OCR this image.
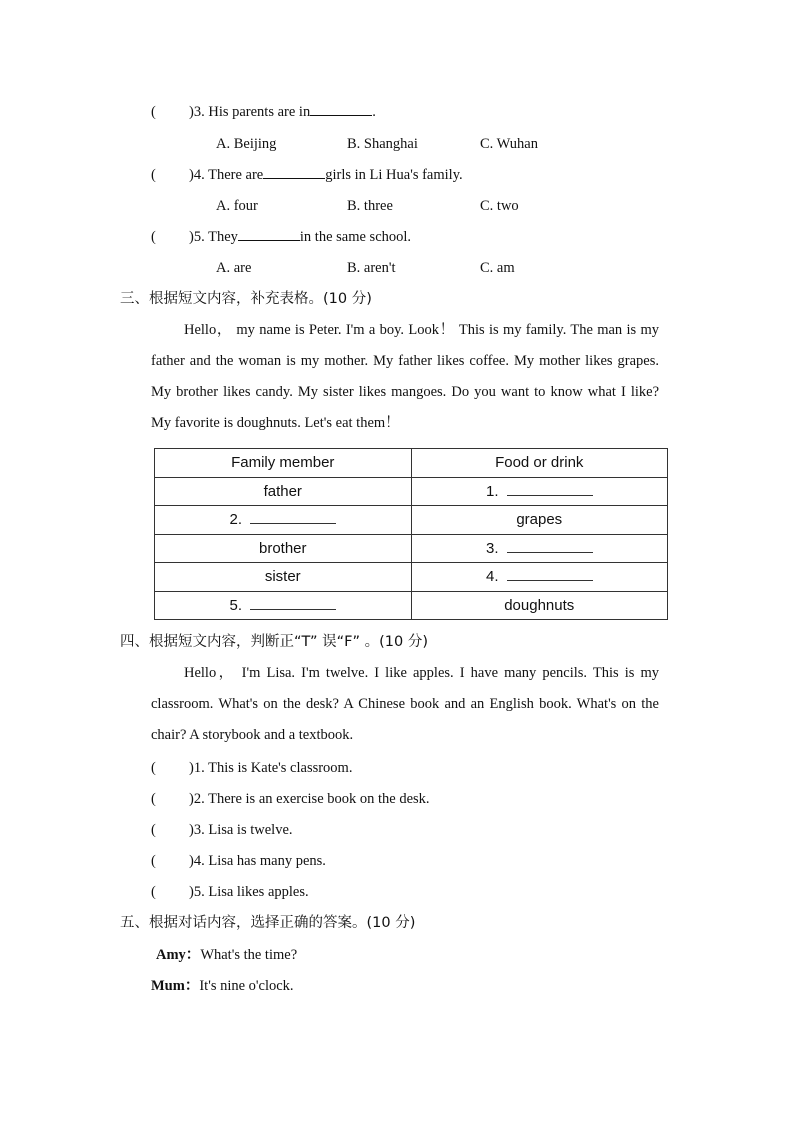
( )3. His parents are in	.
A. Beijing	B. Shanghai	C. Wuhan
( )4. There are	girls in Li Hua's family.
A. four	B. three	C. two
( )5. They	in the same school.
A. are	B. aren't	C. am
三、根据短文内容，补充表格。(10 分)
Hello， my name is Peter. I'm a boy. Look！ This is my family. The man is my father and the woman is my mother. My father likes coffee. My mother likes grapes. My brother likes candy. My sister likes mangoes. Do you want to know what I like? My favorite is doughnuts. Let's eat them！
Family member	Food or drink
father	1.
2.	grapes
brother	3.
sister	4.
5.	doughnuts
四、根据短文内容，判断正“T” 误“F” 。(10 分)
Hello， I'm Lisa. I'm twelve. I like apples. I have many pencils. This is my classroom. What's on the desk? A Chinese book and an English book. What's on the chair? A storybook and a textbook.
( )1. This is Kate's classroom.
( )2. There is an exercise book on the desk.
( )3. Lisa is twelve.
( )4. Lisa has many pens.
( )5. Lisa likes apples.
五、根据对话内容，选择正确的答案。(10 分)
Amy：What's the time?
Mum：It's nine o'clock.
